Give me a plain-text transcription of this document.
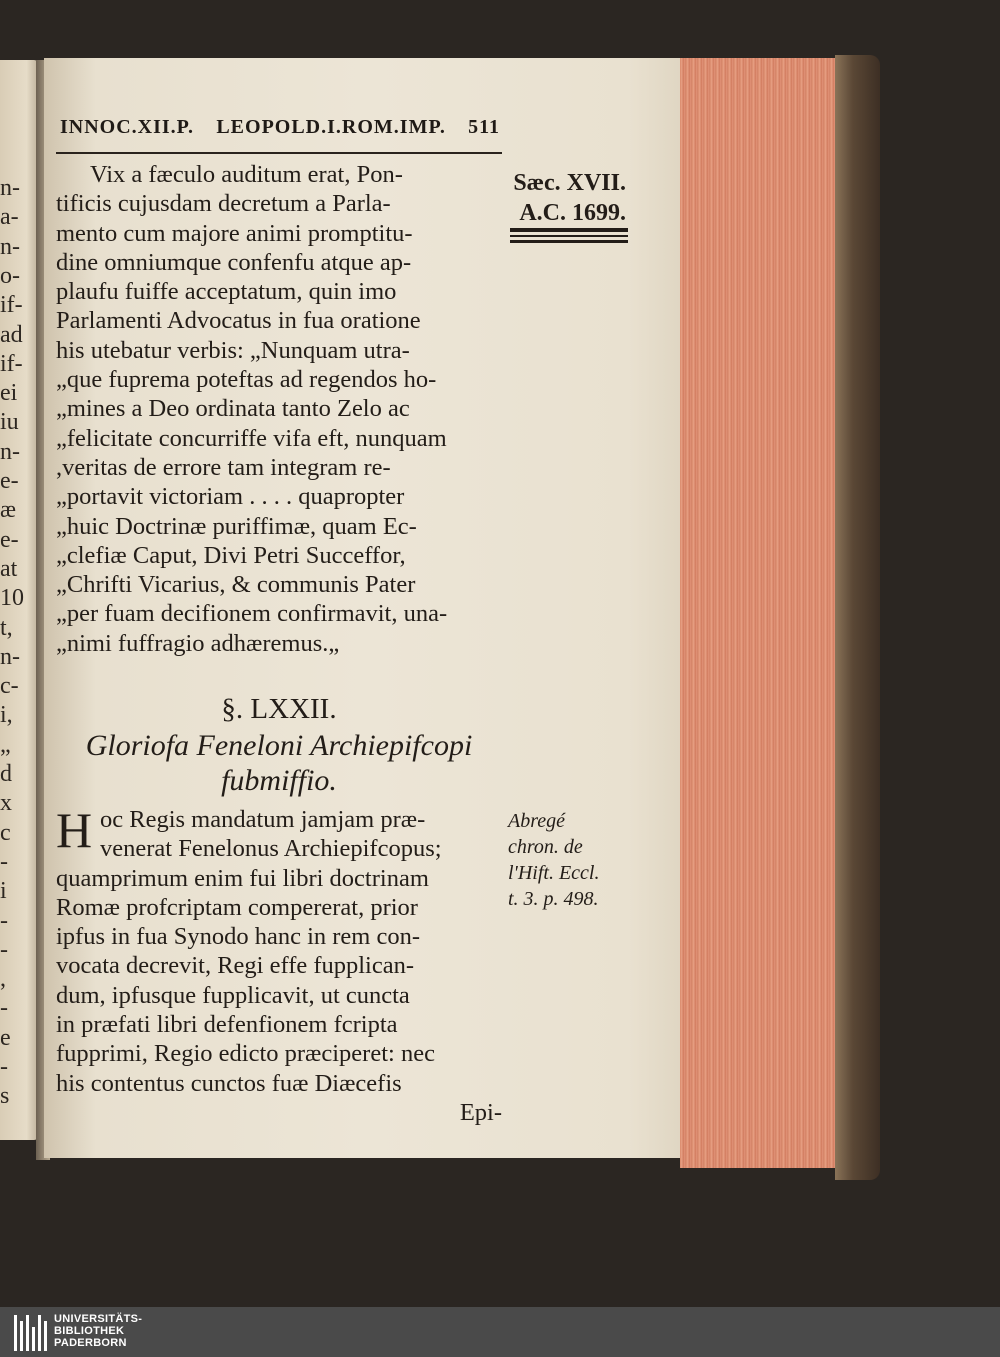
n-
a-
n-
o-
if-
ad
if-
ei
iu
n-
e-
æ
e-
at
10
t,
n-
c-
i,
„
d
x
c
-
i
-
-
,
-
e
-
s
INNOC.XII.P. LEOPOLD.I.ROM.IMP. 511
Vix a fæculo auditum erat, Pon-
tificis cujusdam decretum a Parla-
mento cum majore animi promptitu-
dine omniumque confenfu atque ap-
plaufu fuiffe acceptatum, quin imo
Parlamenti Advocatus in fua oratione
his utebatur verbis: „Nunquam utra-
„que fuprema poteftas ad regendos ho-
„mines a Deo ordinata tanto Zelo ac
„felicitate concurriffe vifa eft, nunquam
,veritas de errore tam integram re-
„portavit victoriam . . . . quapropter
„huic Doctrinæ puriffimæ, quam Ec-
„clefiæ Caput, Divi Petri Succeffor,
„Chrifti Vicarius, & communis Pater
„per fuam decifionem confirmavit, una-
„nimi fuffragio adhæremus.„
Sæc. XVII.
A.C. 1699.
§. LXXII.
Gloriofa Feneloni Archiepifcopi
fubmiffio.
H oc Regis mandatum jamjam præ-
venerat Fenelonus Archiepifcopus;
quamprimum enim fui libri doctrinam
Romæ profcriptam compererat, prior
ipfus in fua Synodo hanc in rem con-
vocata decrevit, Regi effe fupplican-
dum, ipfusque fupplicavit, ut cuncta
in præfati libri defenfionem fcripta
fupprimi, Regio edicto præciperet: nec
his contentus cunctos fuæ Diæcefis
Epi-
Abregé
chron. de
l'Hift. Eccl.
t. 3. p. 498.
UNIVERSITÄTS-
BIBLIOTHEK
PADERBORN
